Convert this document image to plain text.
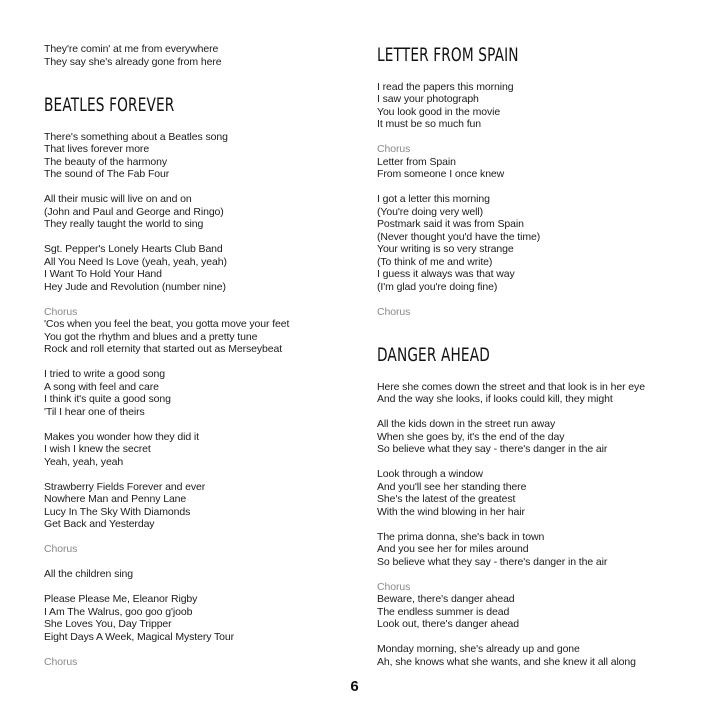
They're comin' at me from everywhere
They say she's already gone from here
BEATLES FOREVER
There's something about a Beatles song
That lives forever more
The beauty of the harmony
The sound of The Fab Four
All their music will live on and on
(John and Paul and George and Ringo)
They really taught the world to sing
Sgt. Pepper's Lonely Hearts Club Band
All You Need Is Love (yeah, yeah, yeah)
I Want To Hold Your Hand
Hey Jude and Revolution (number nine)
Chorus
'Cos when you feel the beat, you gotta move your feet
You got the rhythm and blues and a pretty tune
Rock and roll eternity that started out as Merseybeat
I tried to write a good song
A song with feel and care
I think it's quite a good song
'Til I hear one of theirs
Makes you wonder how they did it
I wish I knew the secret
Yeah, yeah, yeah
Strawberry Fields Forever and ever
Nowhere Man and Penny Lane
Lucy In The Sky With Diamonds
Get Back and Yesterday
Chorus
All the children sing
Please Please Me, Eleanor Rigby
I Am The Walrus, goo goo g'joob
She Loves You, Day Tripper
Eight Days A Week, Magical Mystery Tour
Chorus
LETTER FROM SPAIN
I read the papers this morning
I saw your photograph
You look good in the movie
It must be so much fun
Chorus
Letter from Spain
From someone I once knew
I got a letter this morning
(You're doing very well)
Postmark said it was from Spain
(Never thought you'd have the time)
Your writing is so very strange
(To think of me and write)
I guess it always was that way
(I'm glad you're doing fine)
Chorus
DANGER AHEAD
Here she comes down the street and that look is in her eye
And the way she looks, if looks could kill, they might
All the kids down in the street run away
When she goes by, it's the end of the day
So believe what they say - there's danger in the air
Look through a window
And you'll see her standing there
She's the latest of the greatest
With the wind blowing in her hair
The prima donna, she's back in town
And you see her for miles around
So believe what they say - there's danger in the air
Chorus
Beware, there's danger ahead
The endless summer is dead
Look out, there's danger ahead
Monday morning, she's already up and gone
Ah, she knows what she wants, and she knew it all along
6
